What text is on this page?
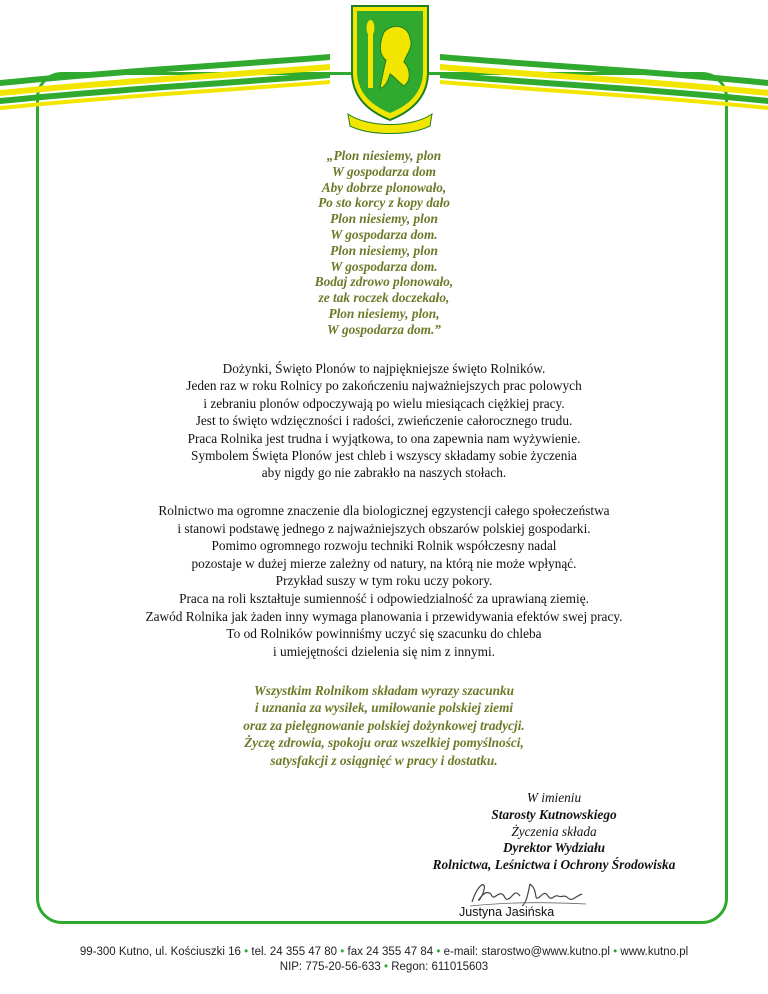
„Plon niesiemy, plon
W gospodarza dom
Aby dobrze plonowało,
Po sto korcy z kopy dało
Plon niesiemy, plon
W gospodarza dom.
Plon niesiemy, plon
W gospodarza dom.
Bodaj zdrowo plonowało,
ze tak roczek doczekało,
Plon niesiemy, plon,
W gospodarza dom.”
Dożynki, Święto Plonów to najpiękniejsze święto Rolników.
Jeden raz w roku Rolnicy po zakończeniu najważniejszych prac polowych
i zebraniu plonów odpoczywają po wielu miesiącach ciężkiej pracy.
Jest to święto wdzięczności i radości, zwieńczenie całorocznego trudu.
Praca Rolnika jest trudna i wyjątkowa, to ona zapewnia nam wyżywienie.
Symbolem Święta Plonów jest chleb i wszyscy składamy sobie życzenia
aby nigdy go nie zabrakło na naszych stołach.
Rolnictwo ma ogromne znaczenie dla biologicznej egzystencji całego społeczeństwa
i stanowi podstawę jednego z najważniejszych obszarów polskiej gospodarki.
Pomimo ogromnego rozwoju techniki Rolnik współczesny nadal
pozostaje w dużej mierze zależny od natury, na którą nie może wpłynąć.
Przykład suszy w tym roku uczy pokory.
Praca na roli kształtuje sumienność i odpowiedzialność za uprawianą ziemię.
Zawód Rolnika jak żaden inny wymaga planowania i przewidywania efektów swej pracy.
To od Rolników powinniśmy uczyć się szacunku do chleba
i umiejętności dzielenia się nim z innymi.
Wszystkim Rolnikom składam wyrazy szacunku
i uznania za wysiłek, umiłowanie polskiej ziemi
oraz za pielęgnowanie polskiej dożynkowej tradycji.
Życzę zdrowia, spokoju oraz wszelkiej pomyślności,
satysfakcji z osiągnięć w pracy i dostatku.
W imieniu
Starosty Kutnowskiego
Życzenia składa
Dyrektor Wydziału
Rolnictwa, Leśnictwa i Ochrony Środowiska
Justyna Jasińska
99-300 Kutno, ul. Kościuszki 16 • tel. 24 355 47 80 • fax 24 355 47 84 • e-mail: starostwo@www.kutno.pl • www.kutno.pl
NIP: 775-20-56-633 • Regon: 611015603
